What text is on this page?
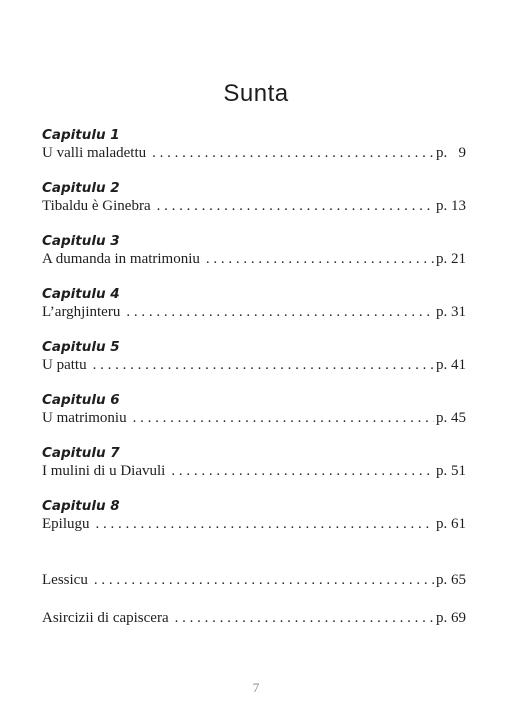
Sunta
Capitulu 1
U valli maladettu . . .	p.   9
Capitulu 2
Tibaldu è Ginebra . . .	p. 13
Capitulu 3
A dumanda in matrimoniu . . .	p. 21
Capitulu 4
L’arghjinteru . . .	p. 31
Capitulu 5
U pattu . . .	p. 41
Capitulu 6
U matrimoniu . . .	p. 45
Capitulu 7
I mulini di u Diavuli . . .	p. 51
Capitulu 8
Epilugu . . .	p. 61
Lessicu . . .	p. 65
Asircizii di capiscera . . .	p. 69
7
